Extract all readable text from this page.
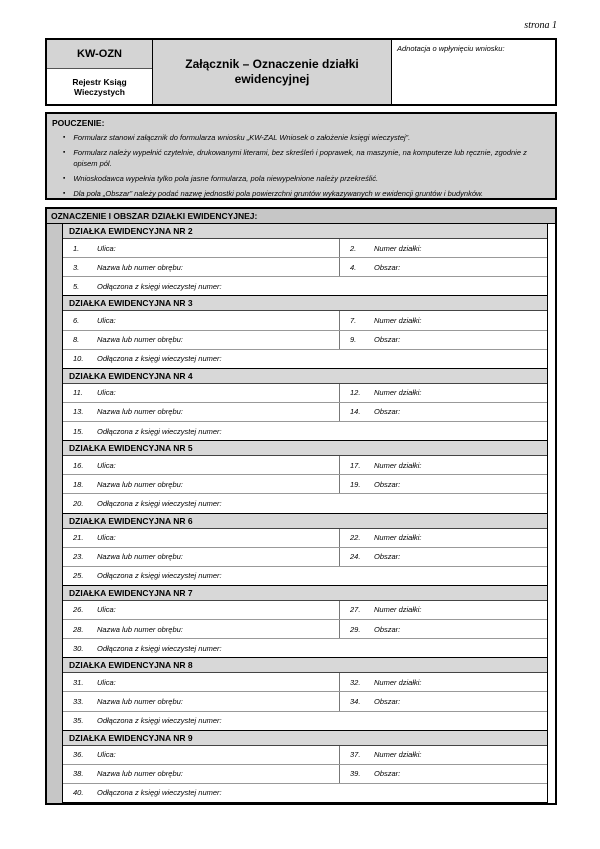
strona 1
KW-OZN
Rejestr Ksiąg Wieczystych
Załącznik – Oznaczenie działki ewidencyjnej
Adnotacja o wpłynięciu wniosku:
POUCZENIE:
▪ Formularz stanowi załącznik do formularza wniosku „KW-ZAL Wniosek o założenie księgi wieczystej”.
▪ Formularz należy wypełnić czytelnie, drukowanymi literami, bez skreśleń i poprawek, na maszynie, na komputerze lub ręcznie, zgodnie z opisem pól.
▪ Wnioskodawca wypełnia tylko pola jasne formularza, pola niewypełnione należy przekreślić.
▪ Dla pola „Obszar” należy podać nazwę jednostki pola powierzchni gruntów wykazywanych w ewidencji gruntów i budynków.
OZNACZENIE I OBSZAR DZIAŁKI EWIDENCYJNEJ:
DZIAŁKA EWIDENCYJNA NR 2
1.	Ulica:	2.	Numer działki:
3.	Nazwa lub numer obrębu:	4.	Obszar:
5.	Odłączona z księgi wieczystej numer:
DZIAŁKA EWIDENCYJNA NR 3
6.	Ulica:	7.	Numer działki:
8.	Nazwa lub numer obrębu:	9.	Obszar:
10.	Odłączona z księgi wieczystej numer:
DZIAŁKA EWIDENCYJNA NR 4
11.	Ulica:	12.	Numer działki:
13.	Nazwa lub numer obrębu:	14.	Obszar:
15.	Odłączona z księgi wieczystej numer:
DZIAŁKA EWIDENCYJNA NR 5
16.	Ulica:	17.	Numer działki:
18.	Nazwa lub numer obrębu:	19.	Obszar:
20.	Odłączona z księgi wieczystej numer:
DZIAŁKA EWIDENCYJNA NR 6
21.	Ulica:	22.	Numer działki:
23.	Nazwa lub numer obrębu:	24.	Obszar:
25.	Odłączona z księgi wieczystej numer:
DZIAŁKA EWIDENCYJNA NR 7
26.	Ulica:	27.	Numer działki:
28.	Nazwa lub numer obrębu:	29.	Obszar:
30.	Odłączona z księgi wieczystej numer:
DZIAŁKA EWIDENCYJNA NR 8
31.	Ulica:	32.	Numer działki:
33.	Nazwa lub numer obrębu:	34.	Obszar:
35.	Odłączona z księgi wieczystej numer:
DZIAŁKA EWIDENCYJNA NR 9
36.	Ulica:	37.	Numer działki:
38.	Nazwa lub numer obrębu:	39.	Obszar:
40.	Odłączona z księgi wieczystej numer:
